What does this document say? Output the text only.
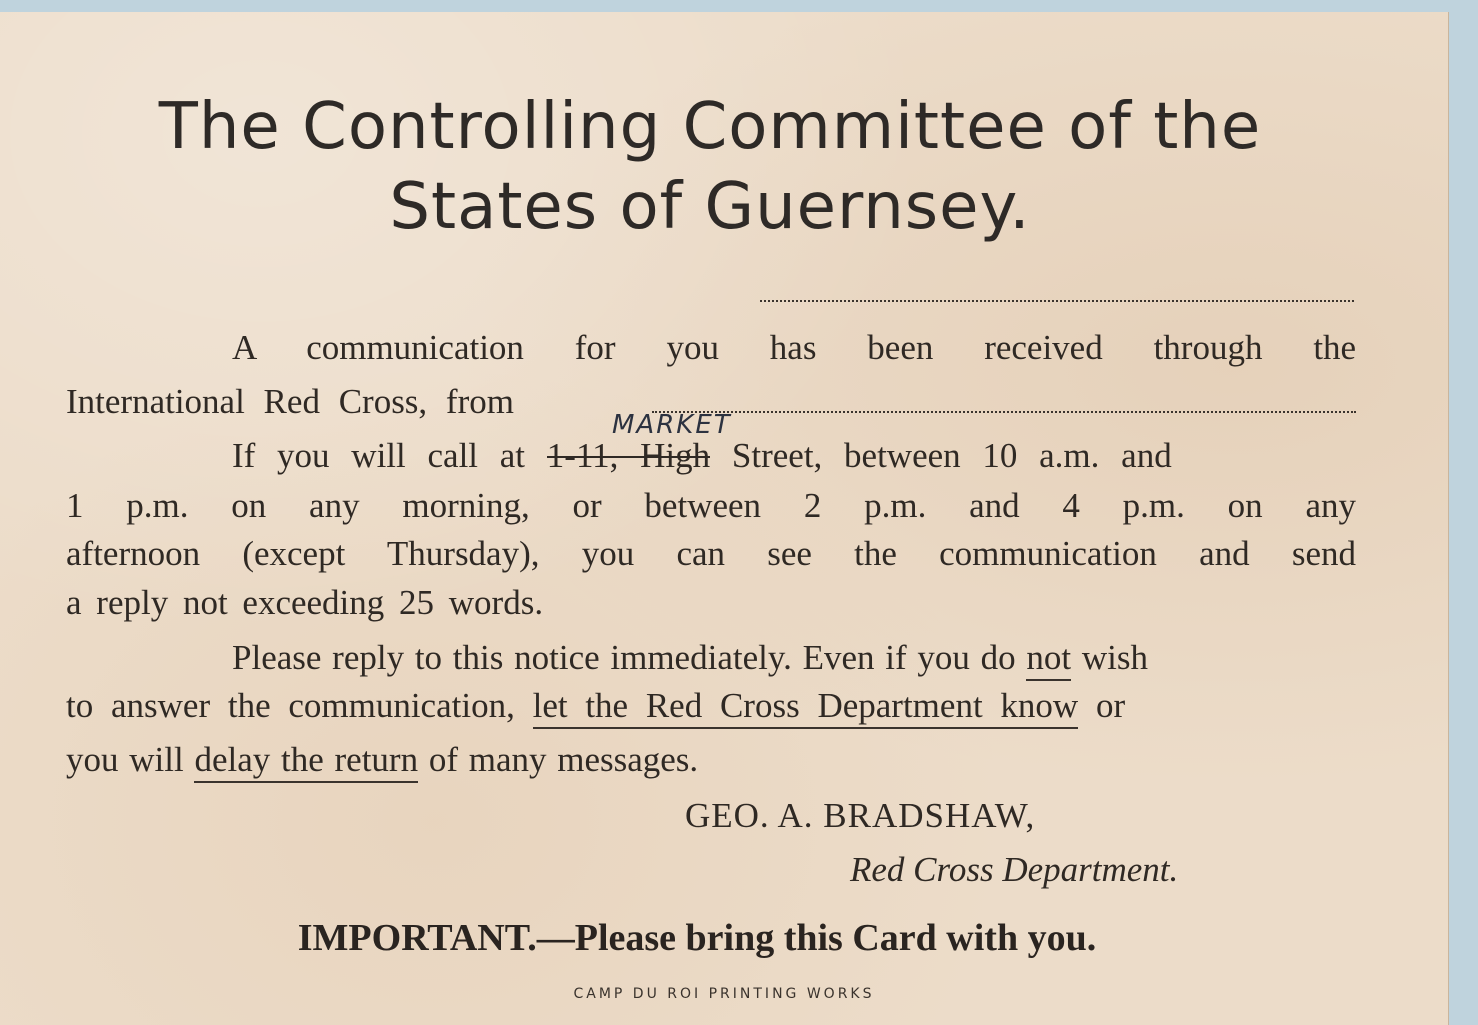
The Controlling Committee of the
States of Guernsey.
A communication for you has been received through the
International Red Cross, from
MARKET
If you will call at 1-11, High Street, between 10 a.m. and
1 p.m. on any morning, or between 2 p.m. and 4 p.m. on any
afternoon (except Thursday), you can see the communication and send
a reply not exceeding 25 words.
Please reply to this notice immediately. Even if you do not wish
to answer the communication, let the Red Cross Department know or
you will delay the return of many messages.
GEO. A. BRADSHAW,
Red Cross Department.
IMPORTANT.—Please bring this Card with you.
CAMP DU ROI PRINTING WORKS
